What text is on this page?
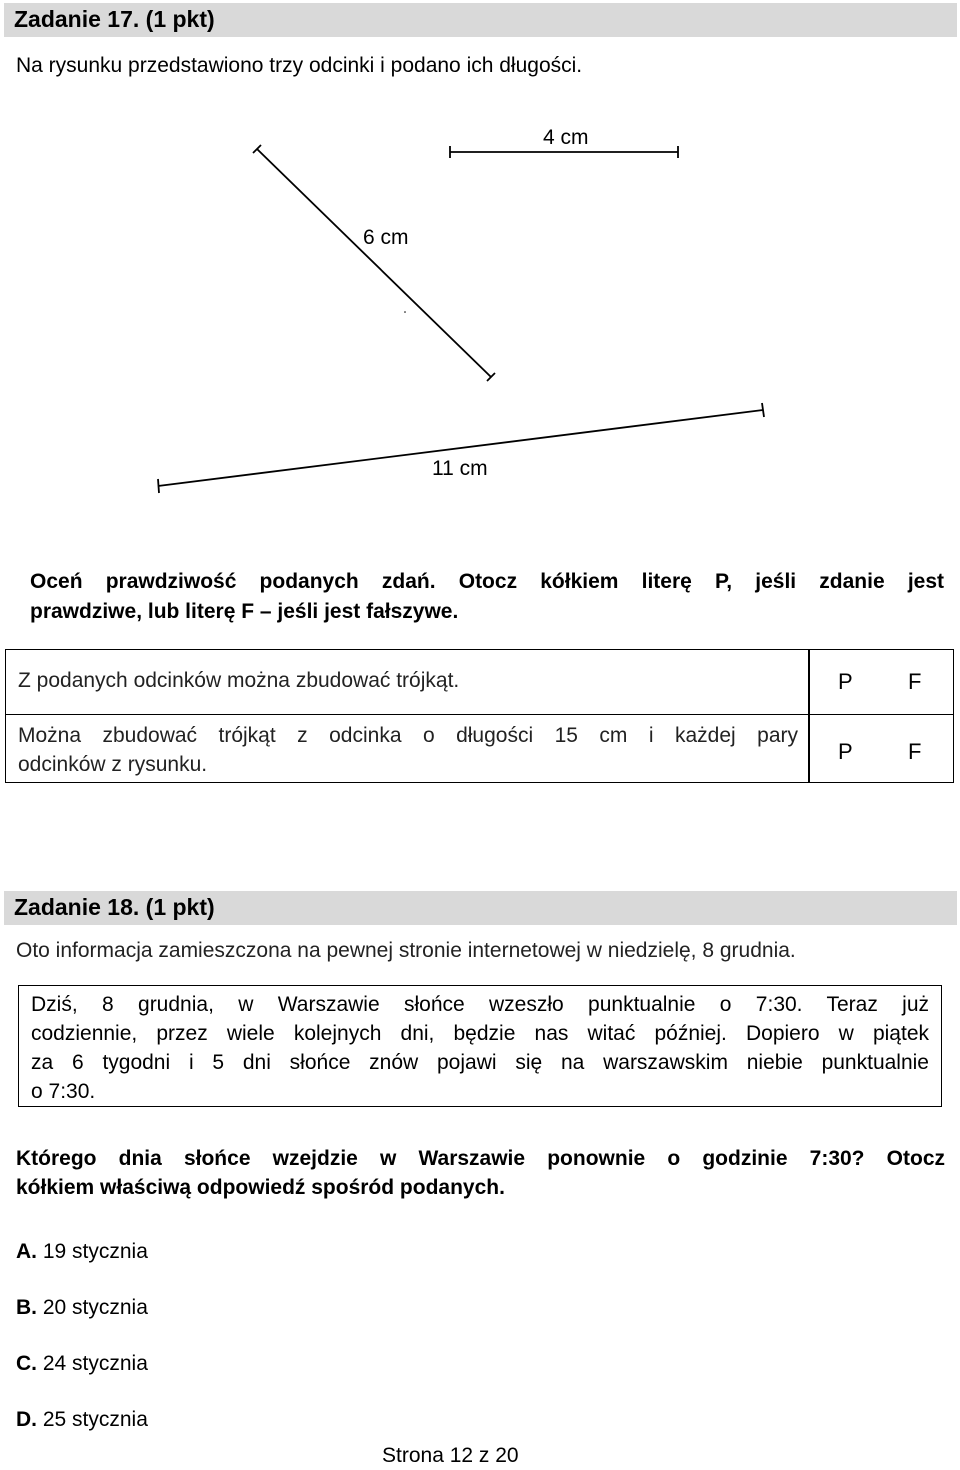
Zadanie 17. (1 pkt)
Na rysunku przedstawiono trzy odcinki i podano ich długości.
4 cm
6 cm
11 cm
Oceń prawdziwość podanych zdań. Otocz kółkiem literę P, jeśli zdanie jest
prawdziwe, lub literę F – jeśli jest fałszywe.
Z podanych odcinków można zbudować trójkąt.	P	F
Można zbudować trójkąt z odcinka o długości 15 cm i każdej pary
odcinków z rysunku.
P	F
Zadanie 18. (1 pkt)
Oto informacja zamieszczona na pewnej stronie internetowej w niedzielę, 8 grudnia.
Dziś, 8 grudnia, w Warszawie słońce wzeszło punktualnie o 7:30. Teraz już
codziennie, przez wiele kolejnych dni, będzie nas witać później. Dopiero w piątek
za 6 tygodni i 5 dni słońce znów pojawi się na warszawskim niebie punktualnie
o 7:30.
Którego dnia słońce wzejdzie w Warszawie ponownie o godzinie 7:30? Otocz
kółkiem właściwą odpowiedź spośród podanych.
A. 19 stycznia
B. 20 stycznia
C. 24 stycznia
D. 25 stycznia
Strona 12 z 20
